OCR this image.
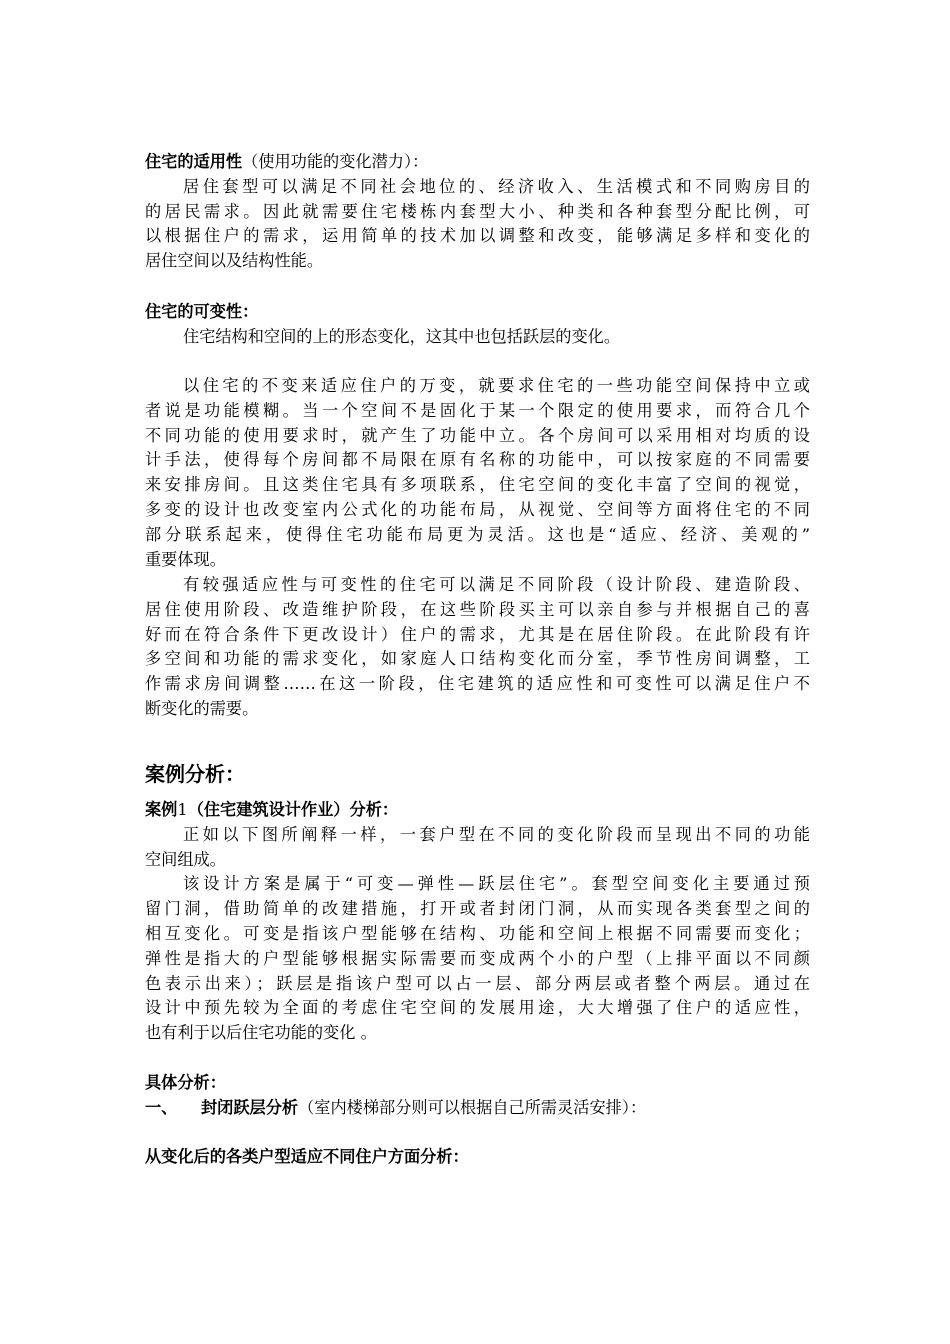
住宅的适用性（使用功能的变化潜力）：
居住套型可以满足不同社会地位的、经济收入、生活模式和不同购房目的
的居民需求。因此就需要住宅楼栋内套型大小、种类和各种套型分配比例，可
以根据住户的需求，运用简单的技术加以调整和改变，能够满足多样和变化的
居住空间以及结构性能。
住宅的可变性：
住宅结构和空间的上的形态变化，这其中也包括跃层的变化。
以住宅的不变来适应住户的万变，就要求住宅的一些功能空间保持中立或
者说是功能模糊。当一个空间不是固化于某一个限定的使用要求，而符合几个
不同功能的使用要求时，就产生了功能中立。各个房间可以采用相对均质的设
计手法，使得每个房间都不局限在原有名称的功能中，可以按家庭的不同需要
来安排房间。且这类住宅具有多项联系，住宅空间的变化丰富了空间的视觉，
多变的设计也改变室内公式化的功能布局，从视觉、空间等方面将住宅的不同
部分联系起来，使得住宅功能布局更为灵活。这也是“适应、经济、美观的”
重要体现。
有较强适应性与可变性的住宅可以满足不同阶段（设计阶段、建造阶段、
居住使用阶段、改造维护阶段，在这些阶段买主可以亲自参与并根据自己的喜
好而在符合条件下更改设计）住户的需求，尤其是在居住阶段。在此阶段有许
多空间和功能的需求变化，如家庭人口结构变化而分室，季节性房间调整，工
作需求房间调整……在这一阶段，住宅建筑的适应性和可变性可以满足住户不
断变化的需要。
案例分析：
案例1（住宅建筑设计作业）分析：
正如以下图所阐释一样，一套户型在不同的变化阶段而呈现出不同的功能
空间组成。
该设计方案是属于“可变—弹性—跃层住宅”。套型空间变化主要通过预
留门洞，借助简单的改建措施，打开或者封闭门洞，从而实现各类套型之间的
相互变化。可变是指该户型能够在结构、功能和空间上根据不同需要而变化；
弹性是指大的户型能够根据实际需要而变成两个小的户型（上排平面以不同颜
色表示出来）；跃层是指该户型可以占一层、部分两层或者整个两层。通过在
设计中预先较为全面的考虑住宅空间的发展用途，大大增强了住户的适应性，
也有利于以后住宅功能的变化 。
具体分析：
一、 封闭跃层分析（室内楼梯部分则可以根据自己所需灵活安排）：
从变化后的各类户型适应不同住户方面分析：
